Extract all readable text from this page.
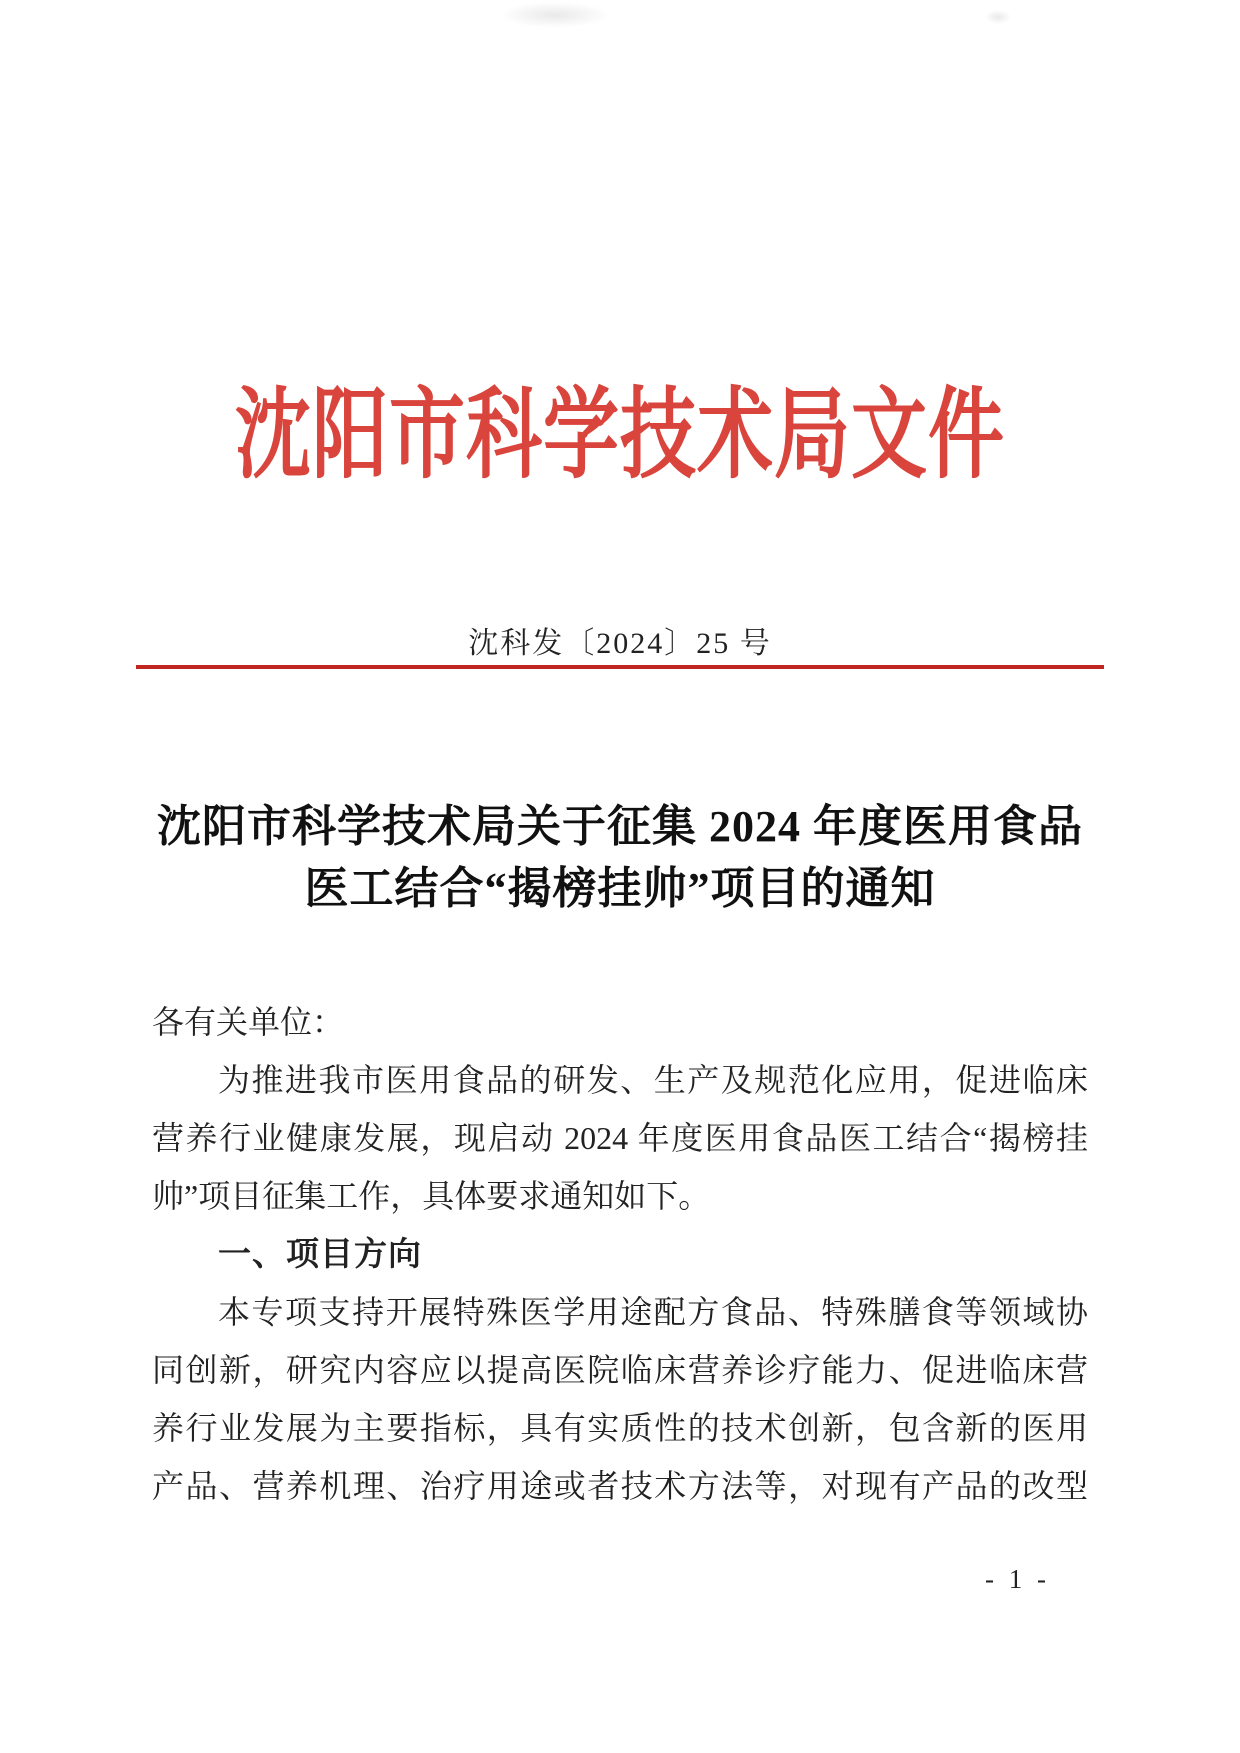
沈阳市科学技术局文件
沈科发〔2024〕25 号
沈阳市科学技术局关于征集 2024 年度医用食品
医工结合“揭榜挂帅”项目的通知
各有关单位：
为推进我市医用食品的研发、生产及规范化应用，促进临床
营养行业健康发展，现启动 2024 年度医用食品医工结合“揭榜挂
帅”项目征集工作，具体要求通知如下。
一、项目方向
本专项支持开展特殊医学用途配方食品、特殊膳食等领域协
同创新，研究内容应以提高医院临床营养诊疗能力、促进临床营
养行业发展为主要指标，具有实质性的技术创新，包含新的医用
产品、营养机理、治疗用途或者技术方法等，对现有产品的改型
- 1 -
